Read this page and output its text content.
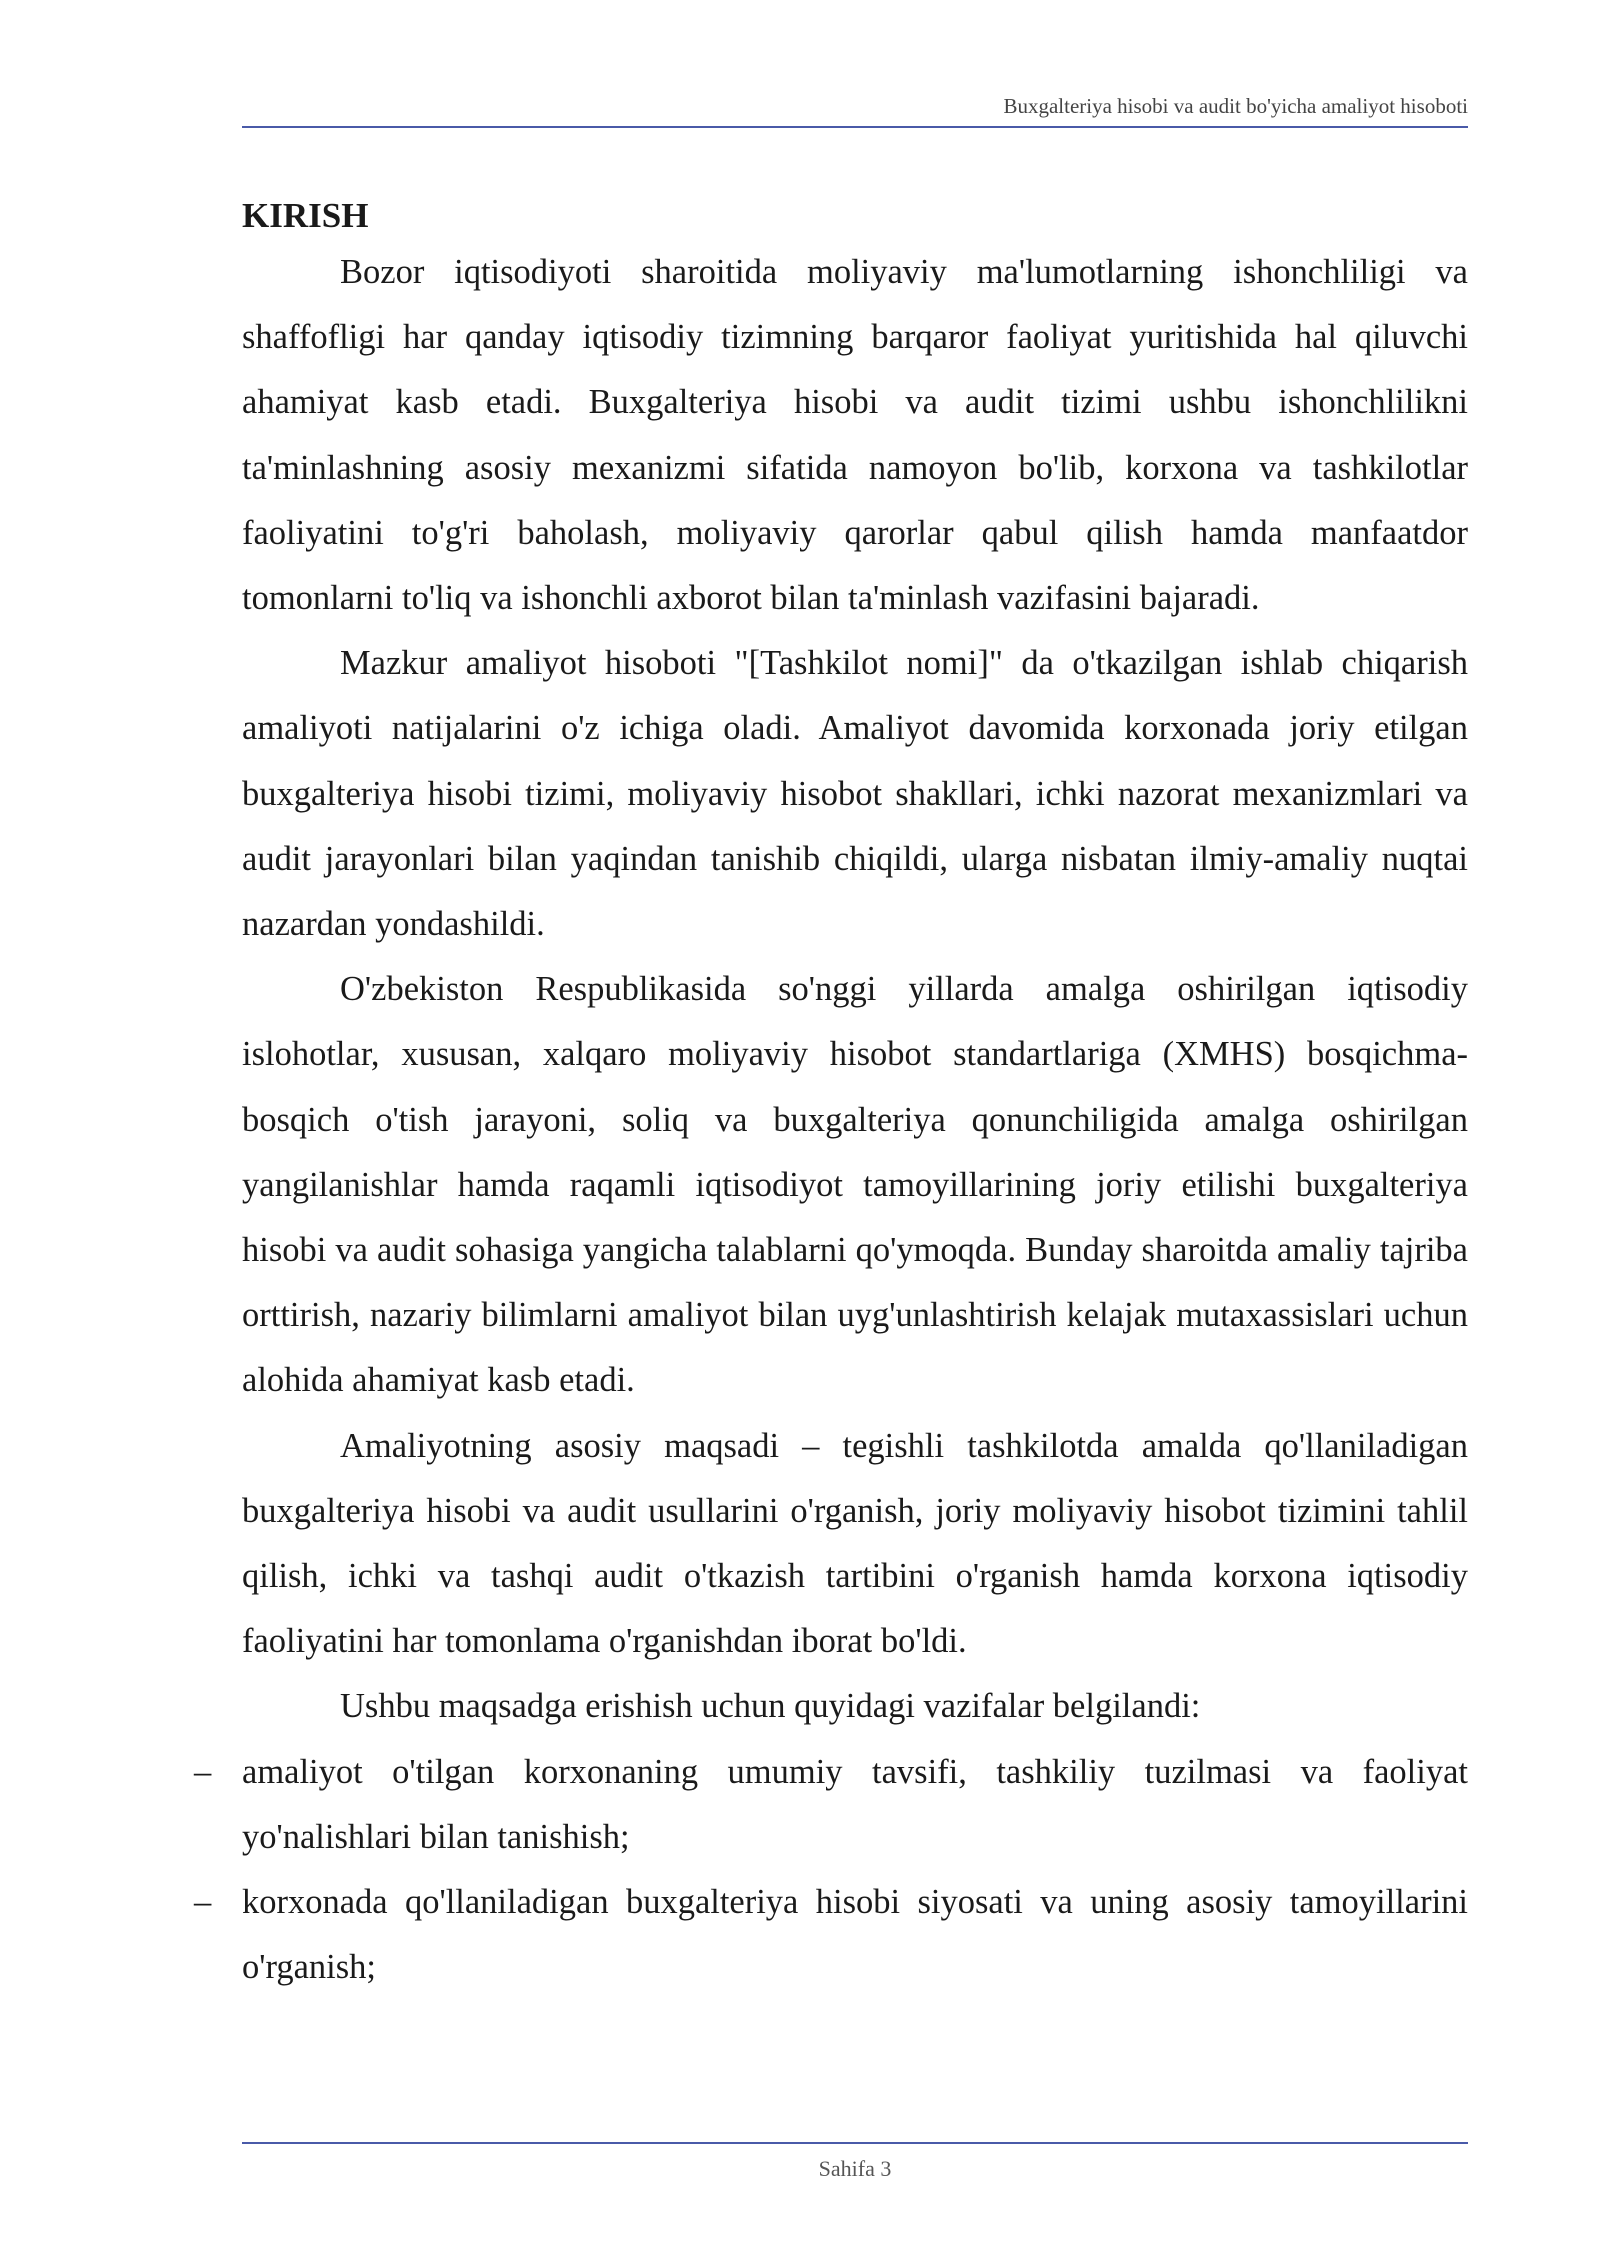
Buxgalteriya hisobi va audit bo'yicha amaliyot hisoboti
KIRISH

Bozor iqtisodiyoti sharoitida moliyaviy ma'lumotlarning ishonchliligi va shaffofligi har qanday iqtisodiy tizimning barqaror faoliyat yuritishida hal qiluvchi ahamiyat kasb etadi. Buxgalteriya hisobi va audit tizimi ushbu ishonchlilikni ta'minlashning asosiy mexanizmi sifatida namoyon bo'lib, korxona va tashkilotlar faoliyatini to'g'ri baholash, moliyaviy qarorlar qabul qilish hamda manfaatdor tomonlarni to'liq va ishonchli axborot bilan ta'minlash vazifasini bajaradi.

Mazkur amaliyot hisoboti "[Tashkilot nomi]" da o'tkazilgan ishlab chiqarish amaliyoti natijalarini o'z ichiga oladi. Amaliyot davomida korxonada joriy etilgan buxgalteriya hisobi tizimi, moliyaviy hisobot shakllari, ichki nazorat mexanizmlari va audit jarayonlari bilan yaqindan tanishib chiqildi, ularga nisbatan ilmiy-amaliy nuqtai nazardan yondashildi.

O'zbekiston Respublikasida so'nggi yillarda amalga oshirilgan iqtisodiy islohotlar, xususan, xalqaro moliyaviy hisobot standartlariga (XMHS) bosqichma-bosqich o'tish jarayoni, soliq va buxgalteriya qonunchiligida amalga oshirilgan yangilanishlar hamda raqamli iqtisodiyot tamoyillarining joriy etilishi buxgalteriya hisobi va audit sohasiga yangicha talablarni qo'ymoqda. Bunday sharoitda amaliy tajriba orttirish, nazariy bilimlarni amaliyot bilan uyg'unlashtirish kelajak mutaxassislari uchun alohida ahamiyat kasb etadi.

Amaliyotning asosiy maqsadi – tegishli tashkilotda amalda qo'llaniladigan buxgalteriya hisobi va audit usullarini o'rganish, joriy moliyaviy hisobot tizimini tahlil qilish, ichki va tashqi audit o'tkazish tartibini o'rganish hamda korxona iqtisodiy faoliyatini har tomonlama o'rganishdan iborat bo'ldi.

Ushbu maqsadga erishish uchun quyidagi vazifalar belgilandi:

– amaliyot o'tilgan korxonaning umumiy tavsifi, tashkiliy tuzilmasi va faoliyat yo'nalishlari bilan tanishish;
– korxonada qo'llaniladigan buxgalteriya hisobi siyosati va uning asosiy tamoyillarini o'rganish;
Sahifa 3
